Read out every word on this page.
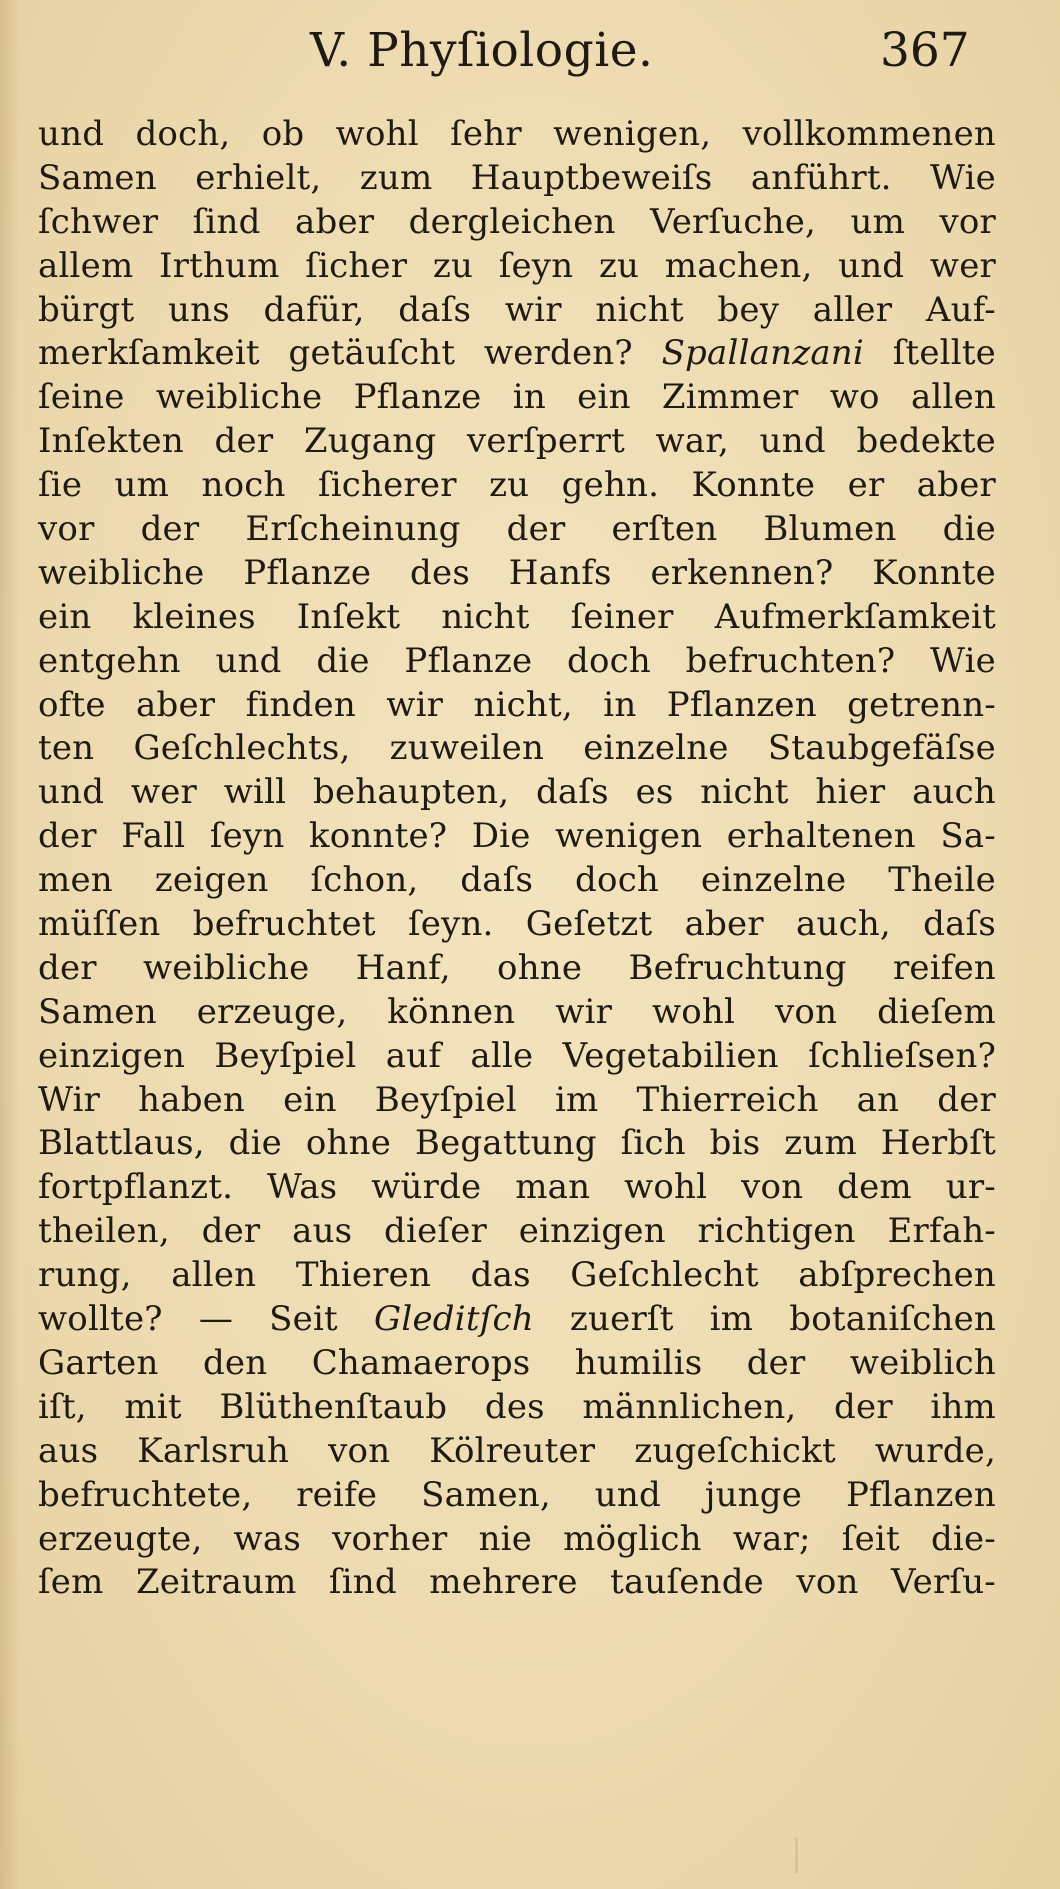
V. Phyſiologie.	367
und doch, ob wohl ſehr wenigen, vollkommenen
Samen erhielt, zum Hauptbeweiſs anführt. Wie
ſchwer ſind aber dergleichen Verſuche, um vor
allem Irthum ſicher zu ſeyn zu machen, und wer
bürgt uns dafür, daſs wir nicht bey aller Auf-
merkſamkeit getäuſcht werden? Spallanzani ſtellte
ſeine weibliche Pflanze in ein Zimmer wo allen
Inſekten der Zugang verſperrt war, und bedekte
ſie um noch ſicherer zu gehn. Konnte er aber
vor der Erſcheinung der erſten Blumen die
weibliche Pflanze des Hanfs erkennen? Konnte
ein kleines Inſekt nicht ſeiner Aufmerkſamkeit
entgehn und die Pflanze doch befruchten? Wie
ofte aber finden wir nicht, in Pflanzen getrenn-
ten Geſchlechts, zuweilen einzelne Staubgefäſse
und wer will behaupten, daſs es nicht hier auch
der Fall ſeyn konnte? Die wenigen erhaltenen Sa-
men zeigen ſchon, daſs doch einzelne Theile
müſſen befruchtet ſeyn. Geſetzt aber auch, daſs
der weibliche Hanf, ohne Befruchtung reifen
Samen erzeuge, können wir wohl von dieſem
einzigen Beyſpiel auf alle Vegetabilien ſchlieſsen?
Wir haben ein Beyſpiel im Thierreich an der
Blattlaus, die ohne Begattung ſich bis zum Herbſt
fortpflanzt. Was würde man wohl von dem ur-
theilen, der aus dieſer einzigen richtigen Erfah-
rung, allen Thieren das Geſchlecht abſprechen
wollte? — Seit Gleditſch zuerſt im botaniſchen
Garten den Chamaerops humilis der weiblich
iſt, mit Blüthenſtaub des männlichen, der ihm
aus Karlsruh von Kölreuter zugeſchickt wurde,
befruchtete, reife Samen, und junge Pflanzen
erzeugte, was vorher nie möglich war; ſeit die-
ſem Zeitraum ſind mehrere tauſende von Verſu-
